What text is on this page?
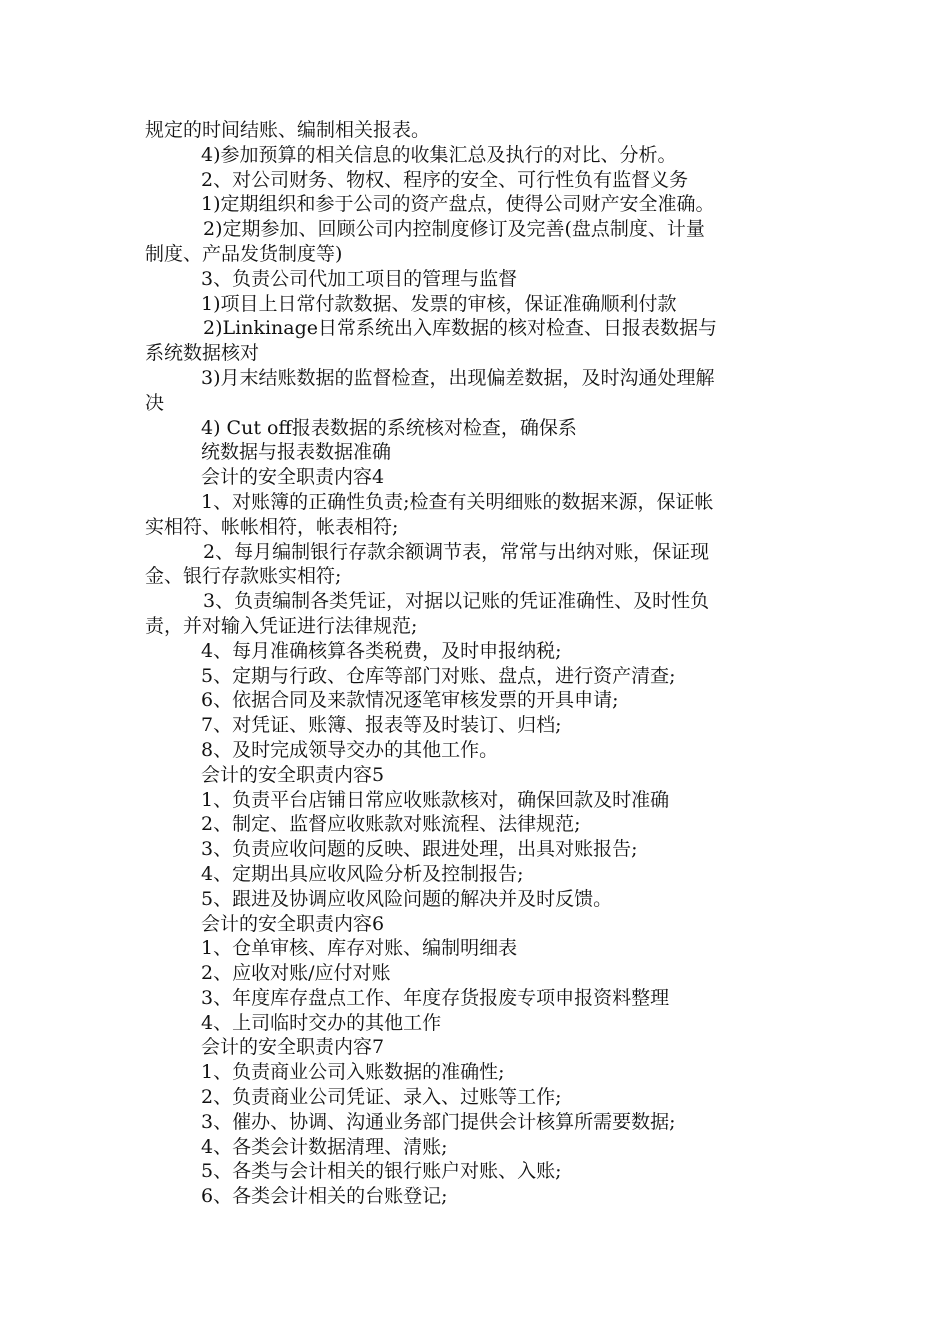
规定的时间结账、编制相关报表。
4)参加预算的相关信息的收集汇总及执行的对比、分析。
2、对公司财务、物权、程序的安全、可行性负有监督义务
1)定期组织和参于公司的资产盘点，使得公司财产安全准确。
2)定期参加、回顾公司内控制度修订及完善(盘点制度、计量
制度、产品发货制度等)
3、负责公司代加工项目的管理与监督
1)项目上日常付款数据、发票的审核，保证准确顺利付款
2)Linkinage日常系统出入库数据的核对检查、日报表数据与
系统数据核对
3)月末结账数据的监督检查，出现偏差数据，及时沟通处理解
决
4) Cut off报表数据的系统核对检查，确保系
统数据与报表数据准确
会计的安全职责内容4
1、对账簿的正确性负责;检查有关明细账的数据来源，保证帐
实相符、帐帐相符，帐表相符;
2、每月编制银行存款余额调节表，常常与出纳对账，保证现
金、银行存款账实相符;
3、负责编制各类凭证，对据以记账的凭证准确性、及时性负
责，并对输入凭证进行法律规范;
4、每月准确核算各类税费，及时申报纳税;
5、定期与行政、仓库等部门对账、盘点，进行资产清查;
6、依据合同及来款情况逐笔审核发票的开具申请;
7、对凭证、账簿、报表等及时装订、归档;
8、及时完成领导交办的其他工作。
会计的安全职责内容5
1、负责平台店铺日常应收账款核对，确保回款及时准确
2、制定、监督应收账款对账流程、法律规范;
3、负责应收问题的反映、跟进处理，出具对账报告;
4、定期出具应收风险分析及控制报告;
5、跟进及协调应收风险问题的解决并及时反馈。
会计的安全职责内容6
1、仓单审核、库存对账、编制明细表
2、应收对账/应付对账
3、年度库存盘点工作、年度存货报废专项申报资料整理
4、上司临时交办的其他工作
会计的安全职责内容7
1、负责商业公司入账数据的准确性;
2、负责商业公司凭证、录入、过账等工作;
3、催办、协调、沟通业务部门提供会计核算所需要数据;
4、各类会计数据清理、清账;
5、各类与会计相关的银行账户对账、入账;
6、各类会计相关的台账登记;
